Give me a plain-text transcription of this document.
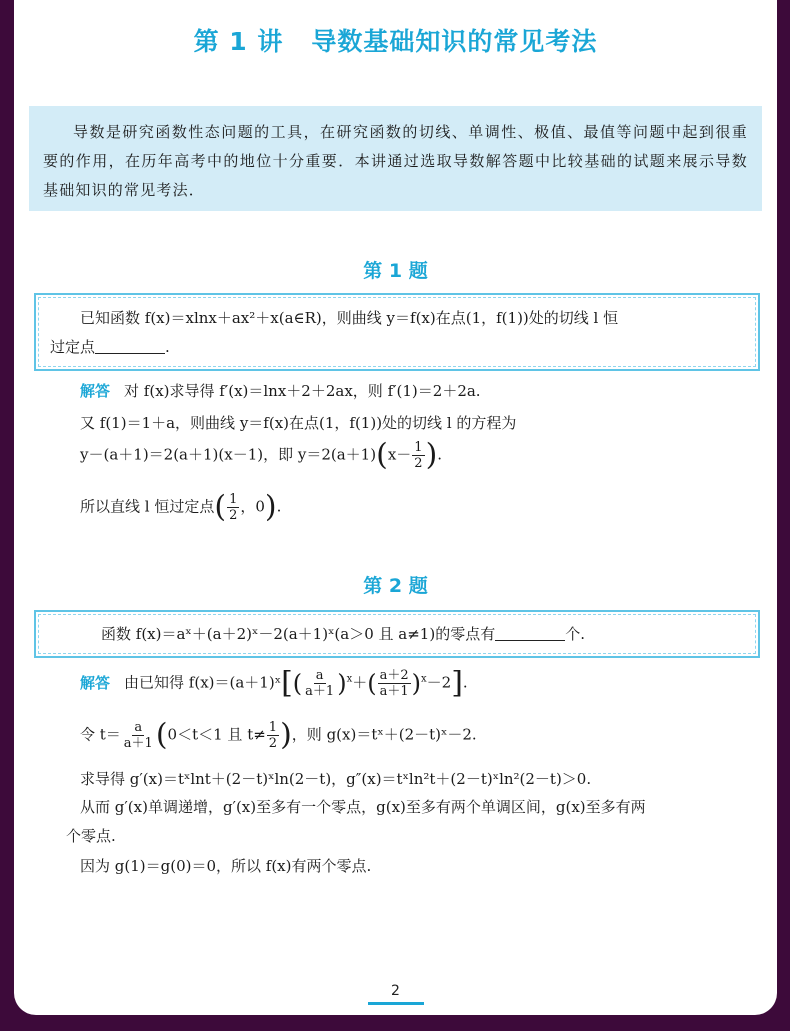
第 1 讲 导数基础知识的常见考法

导数是研究函数性态问题的工具，在研究函数的切线、单调性、极值、最值等问题中起到很重要的作用，在历年高考中的地位十分重要．本讲通过选取导数解答题中比较基础的试题来展示导数基础知识的常见考法．

第 1 题
已知函数 f(x)＝xlnx＋ax²＋x(a∈R)，则曲线 y＝f(x)在点(1，f(1))处的切线 l 恒
过定点	.
解答 对 f(x)求导得 f′(x)＝lnx＋2＋2ax，则 f′(1)＝2＋2a.
又 f(1)＝1＋a，则曲线 y＝f(x)在点(1，f(1))处的切线 l 的方程为
y－(a＋1)＝2(a＋1)(x－1)，即 $y=2(a+1)(x- \frac{1}{2}$ ).
所以直线 l 恒过定点( $\frac{1}{2}$ ，0).
第 2 题
函数 f(x)＝aˣ＋(a＋2)ˣ－2(a＋1)ˣ(a＞0 且 a≠1)的零点有	个.
解答 由已知得 f(x)＝(a＋1)ˣ[( $\frac{a}{a+1} )^x+( \frac{a+2}{a+1} )^x-2$].
令 $t= \frac{a}{a+1} (0<t<1$ 且 $t\ne \frac{1}{2}$ )，则 g(x)＝tˣ＋(2－t)ˣ－2.
求导得 g′(x)＝tˣlnt＋(2－t)ˣln(2－t)，g″(x)＝tˣln²t＋(2－t)ˣln²(2－t)＞0.
从而 g′(x)单调递增，g′(x)至多有一个零点，g(x)至多有两个单调区间，g(x)至多有两
个零点.
因为 g(1)＝g(0)＝0，所以 f(x)有两个零点.
2
